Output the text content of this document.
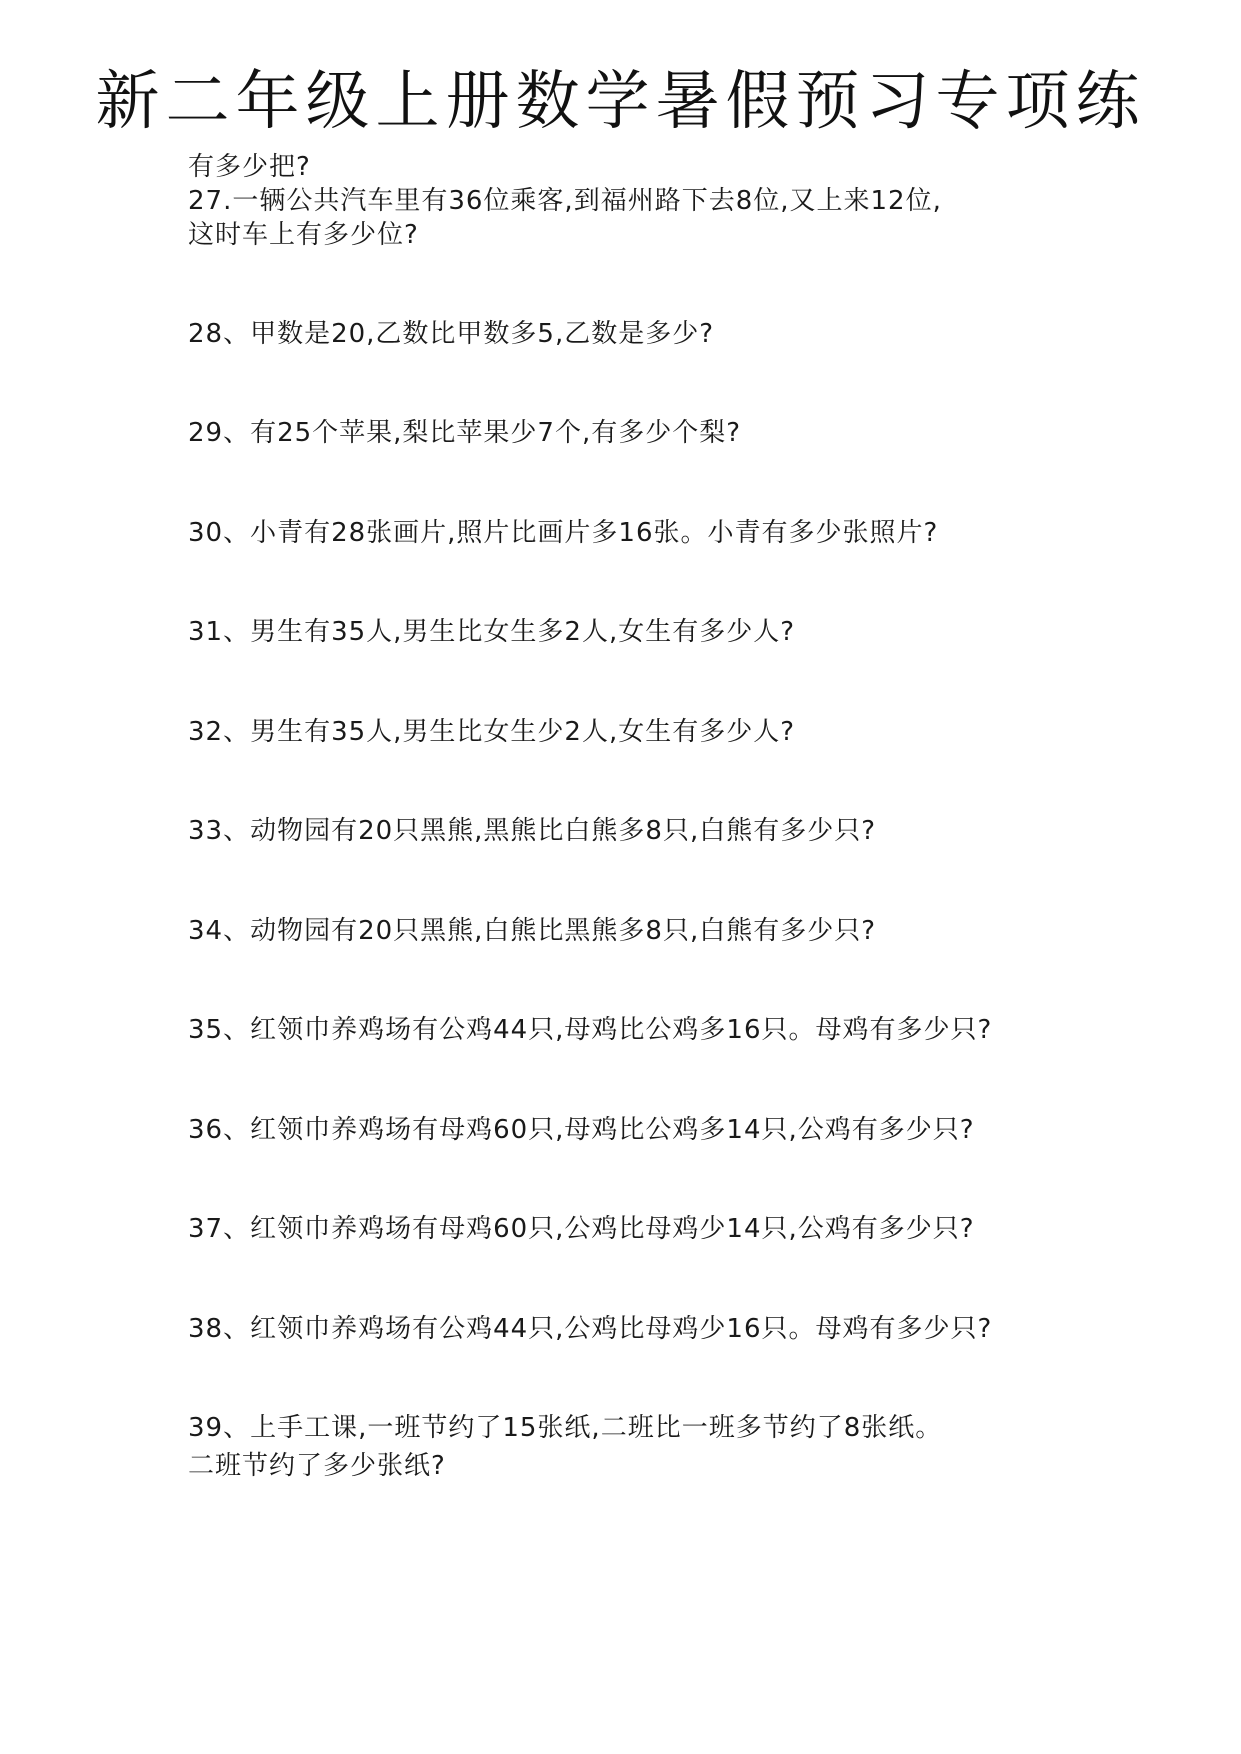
新二年级上册数学暑假预习专项练
有多少把?
27.一辆公共汽车里有36位乘客,到福州路下去8位,又上来12位,
这时车上有多少位?
28、甲数是20,乙数比甲数多5,乙数是多少?
29、有25个苹果,梨比苹果少7个,有多少个梨?
30、小青有28张画片,照片比画片多16张。小青有多少张照片?
31、男生有35人,男生比女生多2人,女生有多少人?
32、男生有35人,男生比女生少2人,女生有多少人?
33、动物园有20只黑熊,黑熊比白熊多8只,白熊有多少只?
34、动物园有20只黑熊,白熊比黑熊多8只,白熊有多少只?
35、红领巾养鸡场有公鸡44只,母鸡比公鸡多16只。母鸡有多少只?
36、红领巾养鸡场有母鸡60只,母鸡比公鸡多14只,公鸡有多少只?
37、红领巾养鸡场有母鸡60只,公鸡比母鸡少14只,公鸡有多少只?
38、红领巾养鸡场有公鸡44只,公鸡比母鸡少16只。母鸡有多少只?
39、上手工课,一班节约了15张纸,二班比一班多节约了8张纸。
二班节约了多少张纸?
